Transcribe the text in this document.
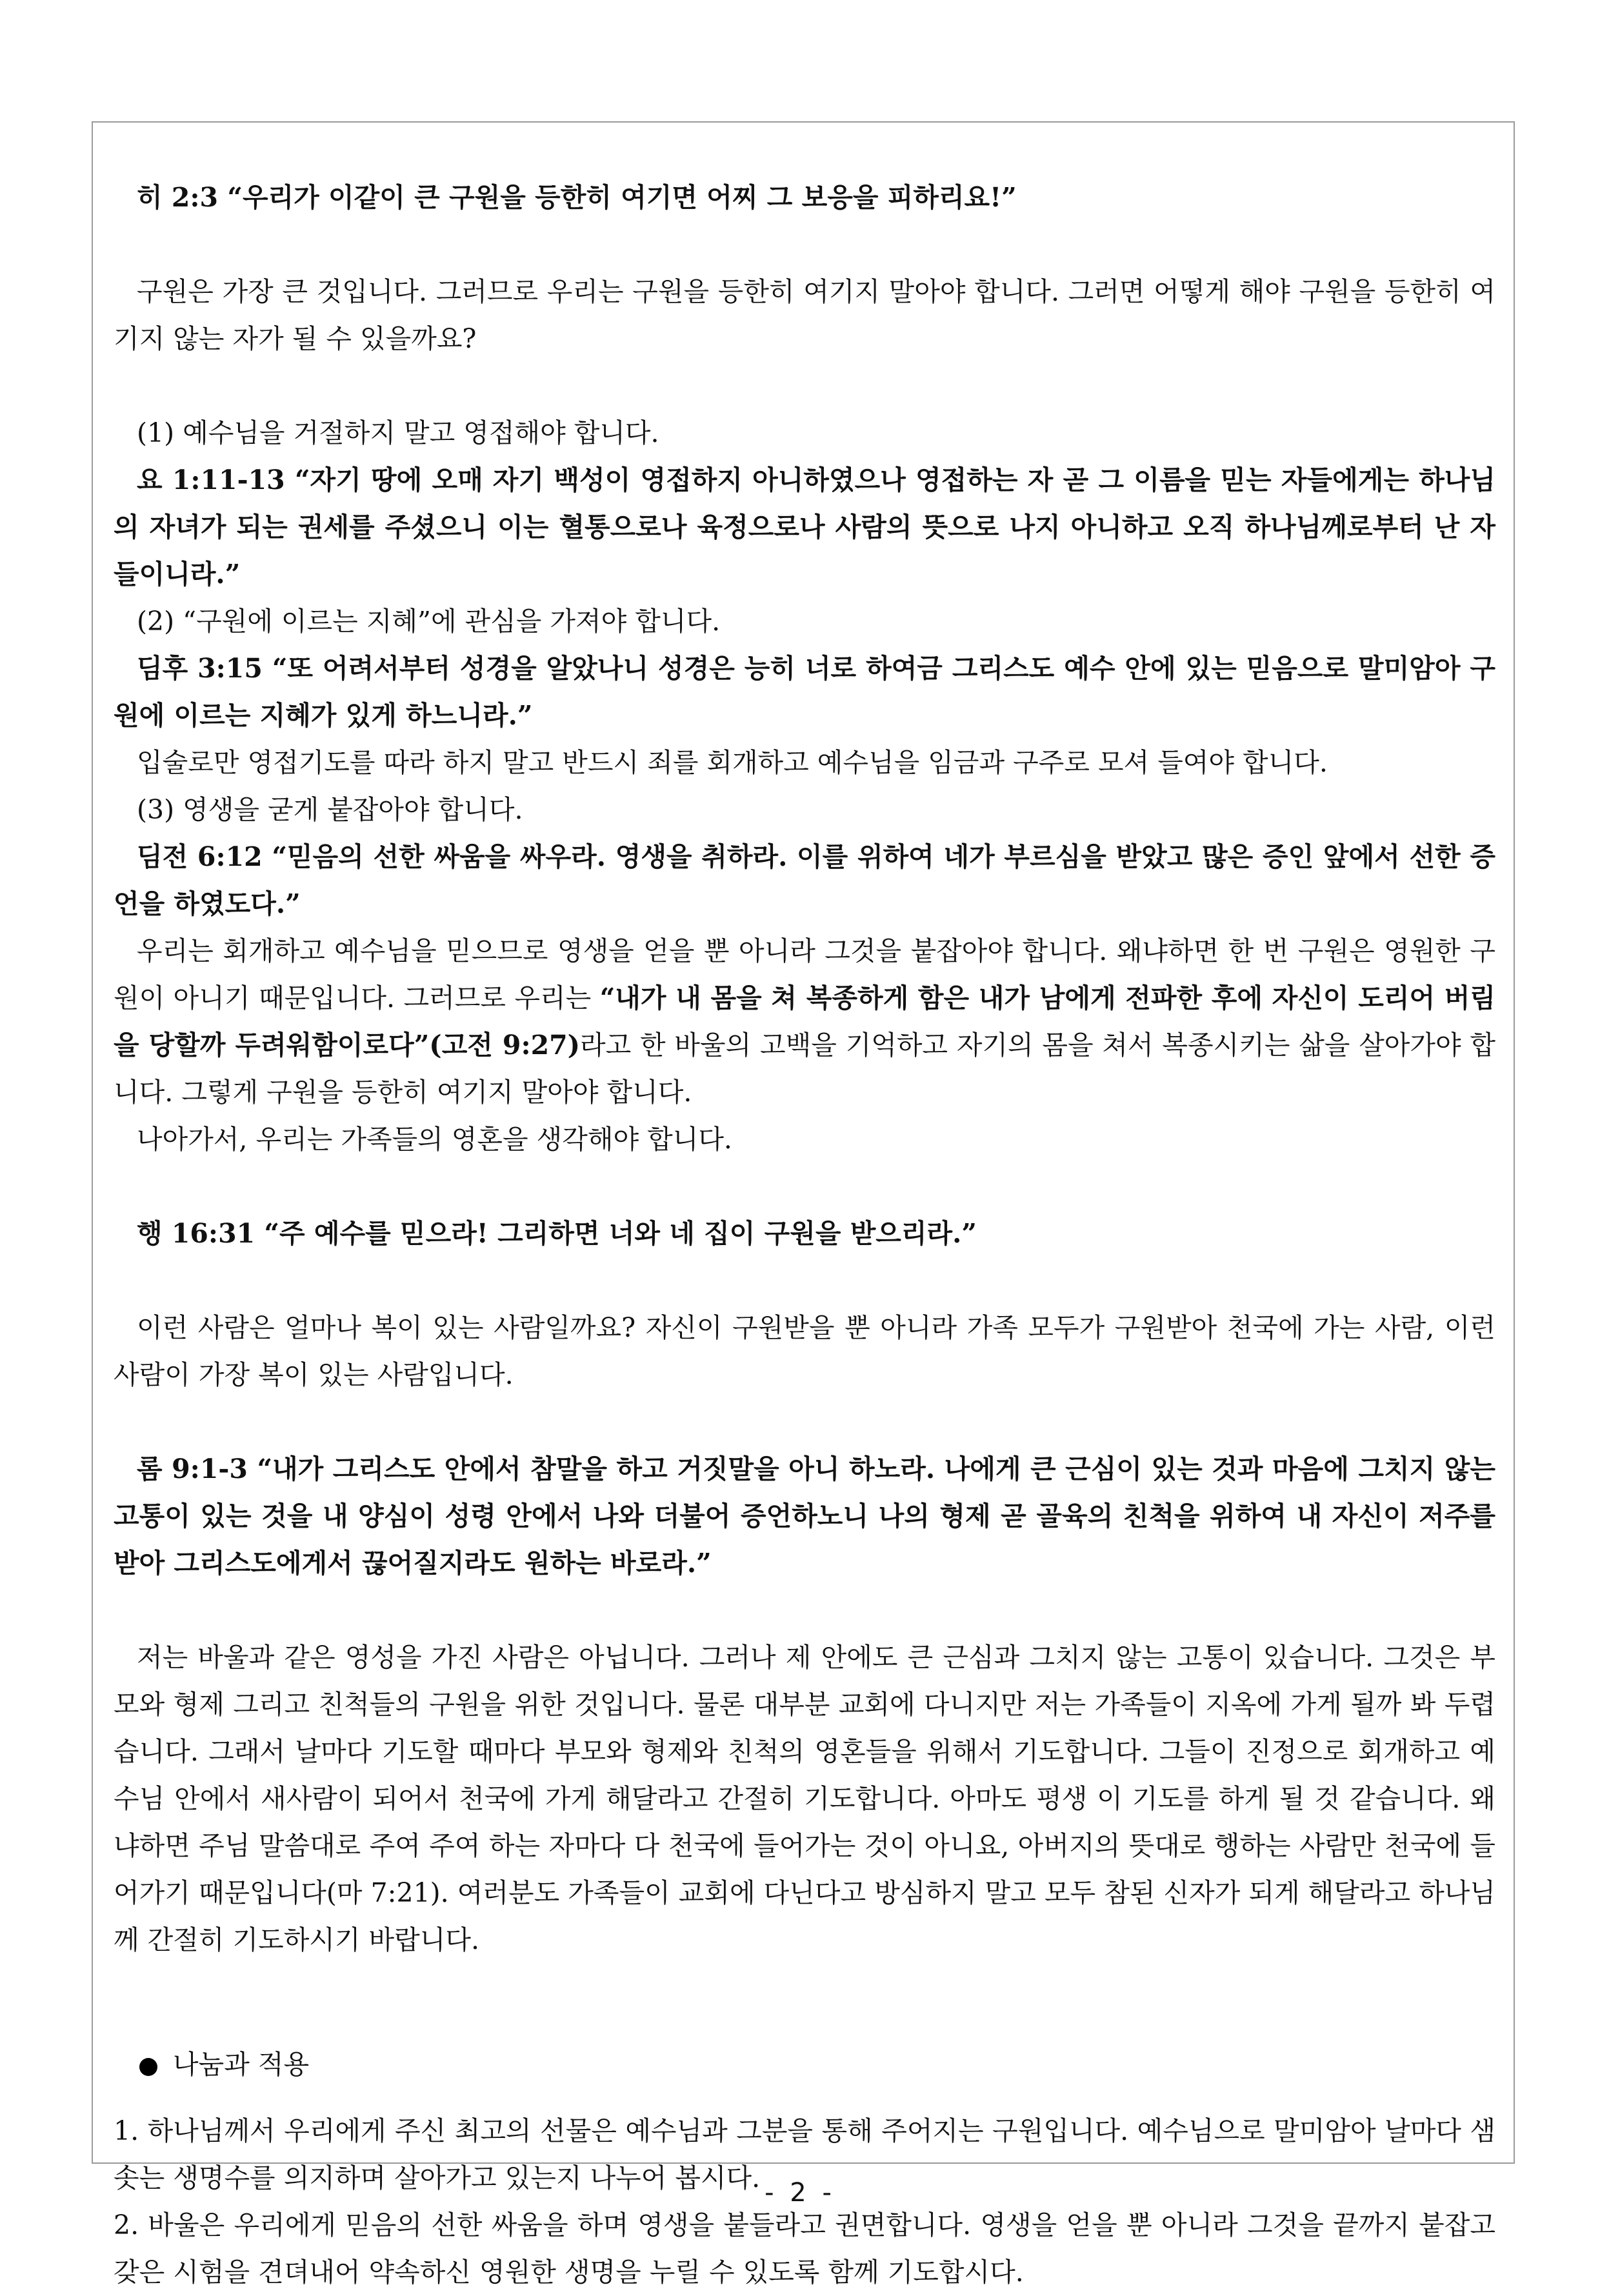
히 2:3 “우리가 이같이 큰 구원을 등한히 여기면 어찌 그 보응을 피하리요!”

구원은 가장 큰 것입니다. 그러므로 우리는 구원을 등한히 여기지 말아야 합니다. 그러면 어떻게 해야 구원을 등한히 여기지 않는 자가 될 수 있을까요?

(1) 예수님을 거절하지 말고 영접해야 합니다.

요 1:11-13 “자기 땅에 오매 자기 백성이 영접하지 아니하였으나 영접하는 자 곧 그 이름을 믿는 자들에게는 하나님의 자녀가 되는 권세를 주셨으니 이는 혈통으로나 육정으로나 사람의 뜻으로 나지 아니하고 오직 하나님께로부터 난 자들이니라.”

(2) “구원에 이르는 지혜”에 관심을 가져야 합니다.

딤후 3:15 “또 어려서부터 성경을 알았나니 성경은 능히 너로 하여금 그리스도 예수 안에 있는 믿음으로 말미암아 구원에 이르는 지혜가 있게 하느니라.”

입술로만 영접기도를 따라 하지 말고 반드시 죄를 회개하고 예수님을 임금과 구주로 모셔 들여야 합니다.

(3) 영생을 굳게 붙잡아야 합니다.

딤전 6:12 “믿음의 선한 싸움을 싸우라. 영생을 취하라. 이를 위하여 네가 부르심을 받았고 많은 증인 앞에서 선한 증언을 하였도다.”

우리는 회개하고 예수님을 믿으므로 영생을 얻을 뿐 아니라 그것을 붙잡아야 합니다. 왜냐하면 한 번 구원은 영원한 구원이 아니기 때문입니다. 그러므로 우리는 “내가 내 몸을 쳐 복종하게 함은 내가 남에게 전파한 후에 자신이 도리어 버림을 당할까 두려워함이로다”(고전 9:27)라고 한 바울의 고백을 기억하고 자기의 몸을 쳐서 복종시키는 삶을 살아가야 합니다. 그렇게 구원을 등한히 여기지 말아야 합니다.

나아가서, 우리는 가족들의 영혼을 생각해야 합니다.

행 16:31 “주 예수를 믿으라! 그리하면 너와 네 집이 구원을 받으리라.”

이런 사람은 얼마나 복이 있는 사람일까요? 자신이 구원받을 뿐 아니라 가족 모두가 구원받아 천국에 가는 사람, 이런 사람이 가장 복이 있는 사람입니다.

롬 9:1-3 “내가 그리스도 안에서 참말을 하고 거짓말을 아니 하노라. 나에게 큰 근심이 있는 것과 마음에 그치지 않는 고통이 있는 것을 내 양심이 성령 안에서 나와 더불어 증언하노니 나의 형제 곧 골육의 친척을 위하여 내 자신이 저주를 받아 그리스도에게서 끊어질지라도 원하는 바로라.”

저는 바울과 같은 영성을 가진 사람은 아닙니다. 그러나 제 안에도 큰 근심과 그치지 않는 고통이 있습니다. 그것은 부모와 형제 그리고 친척들의 구원을 위한 것입니다. 물론 대부분 교회에 다니지만 저는 가족들이 지옥에 가게 될까 봐 두렵습니다. 그래서 날마다 기도할 때마다 부모와 형제와 친척의 영혼들을 위해서 기도합니다. 그들이 진정으로 회개하고 예수님 안에서 새사람이 되어서 천국에 가게 해달라고 간절히 기도합니다. 아마도 평생 이 기도를 하게 될 것 같습니다. 왜냐하면 주님 말씀대로 주여 주여 하는 자마다 다 천국에 들어가는 것이 아니요, 아버지의 뜻대로 행하는 사람만 천국에 들어가기 때문입니다(마 7:21). 여러분도 가족들이 교회에 다닌다고 방심하지 말고 모두 참된 신자가 되게 해달라고 하나님께 간절히 기도하시기 바랍니다.

나눔과 적용

1. 하나님께서 우리에게 주신 최고의 선물은 예수님과 그분을 통해 주어지는 구원입니다. 예수님으로 말미암아 날마다 샘솟는 생명수를 의지하며 살아가고 있는지 나누어 봅시다.

2. 바울은 우리에게 믿음의 선한 싸움을 하며 영생을 붙들라고 권면합니다. 영생을 얻을 뿐 아니라 그것을 끝까지 붙잡고 갖은 시험을 견뎌내어 약속하신 영원한 생명을 누릴 수 있도록 함께 기도합시다.

- 2 -
